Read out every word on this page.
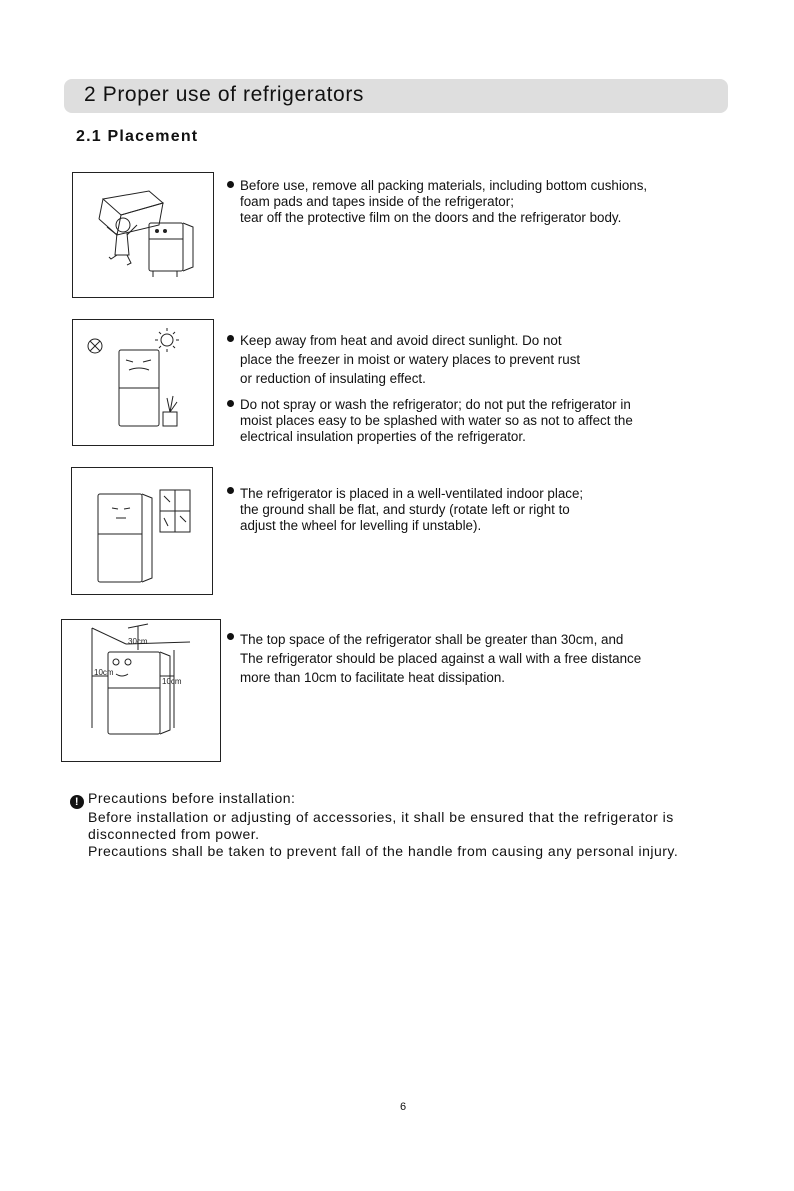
2 Proper use of refrigerators
2.1 Placement
Before use, remove all packing materials, including bottom cushions,
foam pads and tapes inside of the refrigerator;
tear off the protective film on the doors and the refrigerator body.
Keep away from heat and avoid direct sunlight. Do not
place the freezer in moist or watery places to prevent rust
or reduction of insulating effect.
Do not spray or wash the refrigerator; do not put the refrigerator in
moist places easy to be splashed with water so as not to affect the
electrical insulation properties of the refrigerator.
The refrigerator is placed in a well-ventilated indoor place;
the ground shall be flat, and sturdy (rotate left or right to
adjust the wheel for levelling if unstable).
30cm
10cm
10cm
The top space of the refrigerator shall be greater than 30cm, and
The refrigerator should be placed against a wall with a free distance
more than 10cm to facilitate heat dissipation.
! Precautions before installation:
Before installation or adjusting of accessories, it shall be ensured that the refrigerator is
disconnected from power.
Precautions shall be taken to prevent fall of the handle from causing any personal injury.
6
